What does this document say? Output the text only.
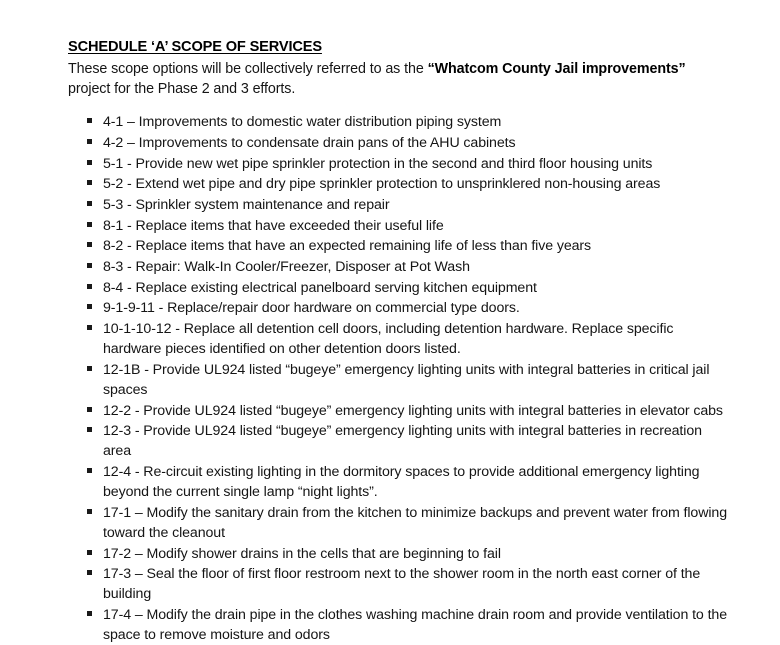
SCHEDULE ‘A’ SCOPE OF SERVICES

These scope options will be collectively referred to as the “Whatcom County Jail improvements” project for the Phase 2 and 3 efforts.

4-1 – Improvements to domestic water distribution piping system
4-2 – Improvements to condensate drain pans of the AHU cabinets
5-1 - Provide new wet pipe sprinkler protection in the second and third floor housing units
5-2 - Extend wet pipe and dry pipe sprinkler protection to unsprinklered non-housing areas
5-3 - Sprinkler system maintenance and repair
8-1 - Replace items that have exceeded their useful life
8-2 - Replace items that have an expected remaining life of less than five years
8-3 - Repair: Walk-In Cooler/Freezer, Disposer at Pot Wash
8-4 - Replace existing electrical panelboard serving kitchen equipment
9-1-9-11 - Replace/repair door hardware on commercial type doors.
10-1-10-12 - Replace all detention cell doors, including detention hardware. Replace specific hardware pieces identified on other detention doors listed.
12-1B - Provide UL924 listed “bugeye” emergency lighting units with integral batteries in critical jail spaces
12-2 - Provide UL924 listed “bugeye” emergency lighting units with integral batteries in elevator cabs
12-3 - Provide UL924 listed “bugeye” emergency lighting units with integral batteries in recreation area
12-4 - Re-circuit existing lighting in the dormitory spaces to provide additional emergency lighting beyond the current single lamp “night lights”.
17-1 – Modify the sanitary drain from the kitchen to minimize backups and prevent water from flowing toward the cleanout
17-2 – Modify shower drains in the cells that are beginning to fail
17-3 – Seal the floor of first floor restroom next to the shower room in the north east corner of the building
17-4 – Modify the drain pipe in the clothes washing machine drain room and provide ventilation to the space to remove moisture and odors
